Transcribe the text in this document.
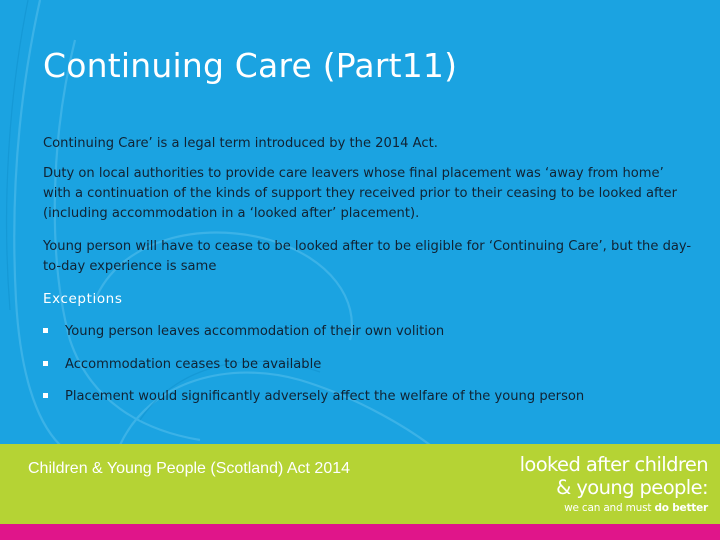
Continuing Care (Part11)

Continuing Care’ is a legal term introduced by the 2014 Act.

Duty on local authorities to provide care leavers whose final placement was ‘away from home’ with a continuation of the kinds of support they received prior to their ceasing to be looked after (including accommodation in a ‘looked after’ placement).

Young person will have to cease to be looked after to be eligible for ‘Continuing Care’, but the day-to-day experience is same

Exceptions

Young person leaves accommodation of their own volition
Accommodation ceases to be available
Placement would significantly adversely affect the welfare of the young person

Children & Young People (Scotland) Act 2014	looked after children
& young people:
we can and must do better
